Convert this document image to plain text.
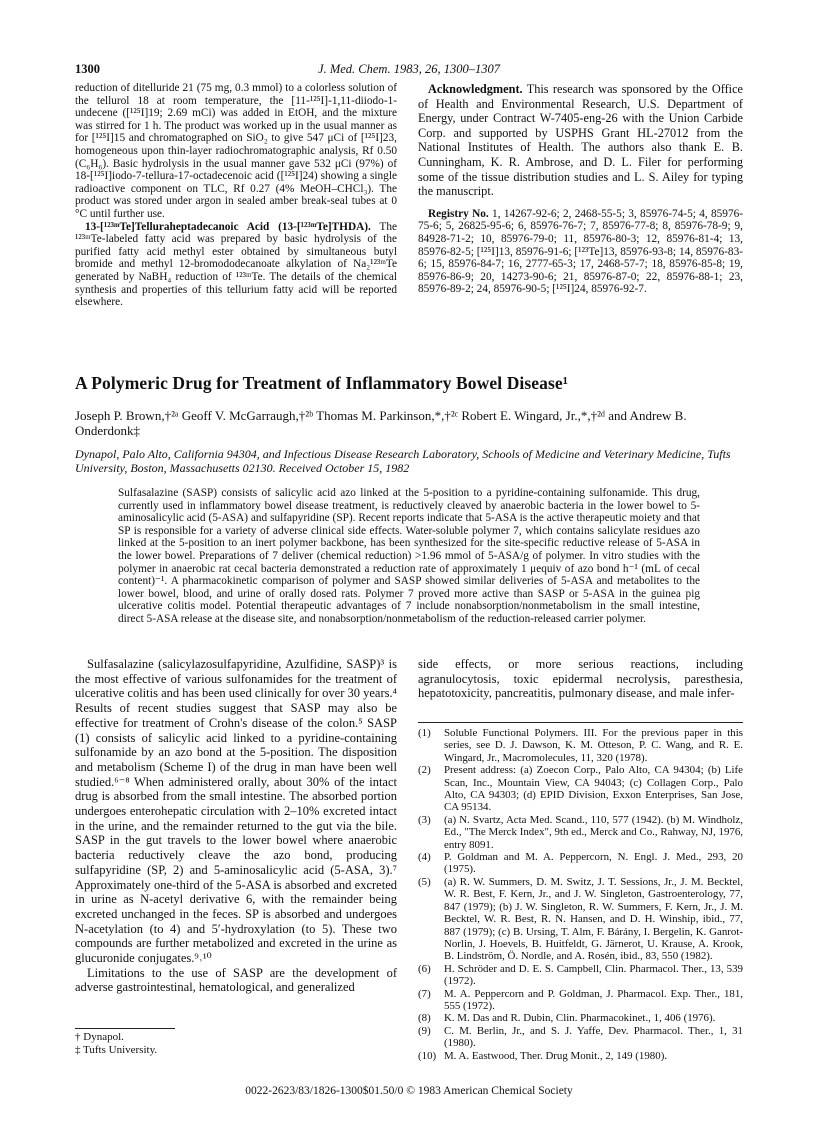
1300	J. Med. Chem. 1983, 26, 1300–1307

reduction of ditelluride 21 (75 mg, 0.3 mmol) to a colorless solution of the tellurol 18 at room temperature, the [11-¹²⁵I]-1,11-diiodo-1-undecene ([¹²⁵I]19; 2.69 mCi) was added in EtOH, and the mixture was stirred for 1 h. The product was worked up in the usual manner as for [¹²⁵I]15 and chromatographed on SiO₂ to give 547 μCi of [¹²⁵I]23, homogeneous upon thin-layer radiochromatographic analysis, Rf 0.50 (C₆H₆). Basic hydrolysis in the usual manner gave 532 μCi (97%) of 18-[¹²⁵I]iodo-7-tellura-17-octadecenoic acid ([¹²⁵I]24) showing a single radioactive component on TLC, Rf 0.27 (4% MeOH–CHCl₃). The product was stored under argon in sealed amber break-seal tubes at 0 °C until further use.

13-[¹²³ᵐTe]Telluraheptadecanoic Acid (13-[¹²³ᵐTe]THDA). The ¹²³ᵐTe-labeled fatty acid was prepared by basic hydrolysis of the purified fatty acid methyl ester obtained by simultaneous butyl bromide and methyl 12-bromododecanoate alkylation of Na₂¹²³ᵐTe generated by NaBH₄ reduction of ¹²³ᵐTe. The details of the chemical synthesis and properties of this tellurium fatty acid will be reported elsewhere.

Acknowledgment. This research was sponsored by the Office of Health and Environmental Research, U.S. Department of Energy, under Contract W-7405-eng-26 with the Union Carbide Corp. and supported by USPHS Grant HL-27012 from the National Institutes of Health. The authors also thank E. B. Cunningham, K. R. Ambrose, and D. L. Filer for performing some of the tissue distribution studies and L. S. Ailey for typing the manuscript.

Registry No. 1, 14267-92-6; 2, 2468-55-5; 3, 85976-74-5; 4, 85976-75-6; 5, 26825-95-6; 6, 85976-76-7; 7, 85976-77-8; 8, 85976-78-9; 9, 84928-71-2; 10, 85976-79-0; 11, 85976-80-3; 12, 85976-81-4; 13, 85976-82-5; [¹²⁵I]13, 85976-91-6; [¹²³Te]13, 85976-93-8; 14, 85976-83-6; 15, 85976-84-7; 16, 2777-65-3; 17, 2468-57-7; 18, 85976-85-8; 19, 85976-86-9; 20, 14273-90-6; 21, 85976-87-0; 22, 85976-88-1; 23, 85976-89-2; 24, 85976-90-5; [¹²⁵I]24, 85976-92-7.

A Polymeric Drug for Treatment of Inflammatory Bowel Disease¹
Joseph P. Brown,†²ᵃ Geoff V. McGarraugh,†²ᵇ Thomas M. Parkinson,*,†²ᶜ Robert E. Wingard, Jr.,*,†²ᵈ and Andrew B. Onderdonk‡
Dynapol, Palo Alto, California 94304, and Infectious Disease Research Laboratory, Schools of Medicine and Veterinary Medicine, Tufts University, Boston, Massachusetts 02130. Received October 15, 1982
Sulfasalazine (SASP) consists of salicylic acid azo linked at the 5-position to a pyridine-containing sulfonamide. This drug, currently used in inflammatory bowel disease treatment, is reductively cleaved by anaerobic bacteria in the lower bowel to 5-aminosalicylic acid (5-ASA) and sulfapyridine (SP). Recent reports indicate that 5-ASA is the active therapeutic moiety and that SP is responsible for a variety of adverse clinical side effects. Water-soluble polymer 7, which contains salicylate residues azo linked at the 5-position to an inert polymer backbone, has been synthesized for the site-specific reductive release of 5-ASA in the lower bowel. Preparations of 7 deliver (chemical reduction) >1.96 mmol of 5-ASA/g of polymer. In vitro studies with the polymer in anaerobic rat cecal bacteria demonstrated a reduction rate of approximately 1 μequiv of azo bond h⁻¹ (mL of cecal content)⁻¹. A pharmacokinetic comparison of polymer and SASP showed similar deliveries of 5-ASA and metabolites to the lower bowel, blood, and urine of orally dosed rats. Polymer 7 proved more active than SASP or 5-ASA in the guinea pig ulcerative colitis model. Potential therapeutic advantages of 7 include nonabsorption/nonmetabolism in the small intestine, direct 5-ASA release at the disease site, and nonabsorption/nonmetabolism of the reduction-released carrier polymer.

Sulfasalazine (salicylazosulfapyridine, Azulfidine, SASP)³ is the most effective of various sulfonamides for the treatment of ulcerative colitis and has been used clinically for over 30 years.⁴ Results of recent studies suggest that SASP may also be effective for treatment of Crohn's disease of the colon.⁵ SASP (1) consists of salicylic acid linked to a pyridine-containing sulfonamide by an azo bond at the 5-position. The disposition and metabolism (Scheme I) of the drug in man have been well studied.⁶⁻⁸ When administered orally, about 30% of the intact drug is absorbed from the small intestine. The absorbed portion undergoes enterohepatic circulation with 2–10% excreted intact in the urine, and the remainder returned to the gut via the bile. SASP in the gut travels to the lower bowel where anaerobic bacteria reductively cleave the azo bond, producing sulfapyridine (SP, 2) and 5-aminosalicylic acid (5-ASA, 3).⁷ Approximately one-third of the 5-ASA is absorbed and excreted in urine as N-acetyl derivative 6, with the remainder being excreted unchanged in the feces. SP is absorbed and undergoes N-acetylation (to 4) and 5′-hydroxylation (to 5). These two compounds are further metabolized and excreted in the urine as glucuronide conjugates.⁹˒¹⁰

Limitations to the use of SASP are the development of adverse gastrointestinal, hematological, and generalized

side effects, or more serious reactions, including agranulocytosis, toxic epidermal necrolysis, paresthesia, hepatotoxicity, pancreatitis, pulmonary disease, and male infer-

(1)	Soluble Functional Polymers. III. For the previous paper in this series, see D. J. Dawson, K. M. Otteson, P. C. Wang, and R. E. Wingard, Jr., Macromolecules, 11, 320 (1978).
(2)	Present address: (a) Zoecon Corp., Palo Alto, CA 94304; (b) Life Scan, Inc., Mountain View, CA 94043; (c) Collagen Corp., Palo Alto, CA 94303; (d) EPID Division, Exxon Enterprises, San Jose, CA 95134.
(3)	(a) N. Svartz, Acta Med. Scand., 110, 577 (1942). (b) M. Windholz, Ed., "The Merck Index", 9th ed., Merck and Co., Rahway, NJ, 1976, entry 8091.
(4)	P. Goldman and M. A. Peppercorn, N. Engl. J. Med., 293, 20 (1975).
(5)	(a) R. W. Summers, D. M. Switz, J. T. Sessions, Jr., J. M. Becktel, W. R. Best, F. Kern, Jr., and J. W. Singleton, Gastroenterology, 77, 847 (1979); (b) J. W. Singleton, R. W. Summers, F. Kern, Jr., J. M. Becktel, W. R. Best, R. N. Hansen, and D. H. Winship, ibid., 77, 887 (1979); (c) B. Ursing, T. Alm, F. Bárány, I. Bergelin, K. Ganrot-Norlin, J. Hoevels, B. Huitfeldt, G. Järnerot, U. Krause, A. Krook, B. Lindström, Ö. Nordle, and A. Rosén, ibid., 83, 550 (1982).
(6)	H. Schröder and D. E. S. Campbell, Clin. Pharmacol. Ther., 13, 539 (1972).
(7)	M. A. Peppercorn and P. Goldman, J. Pharmacol. Exp. Ther., 181, 555 (1972).
(8)	K. M. Das and R. Dubin, Clin. Pharmacokinet., 1, 406 (1976).
(9)	C. M. Berlin, Jr., and S. J. Yaffe, Dev. Pharmacol. Ther., 1, 31 (1980).
(10) M. A. Eastwood, Ther. Drug Monit., 2, 149 (1980).
† Dynapol.
‡ Tufts University.
0022-2623/83/1826-1300$01.50/0 © 1983 American Chemical Society
